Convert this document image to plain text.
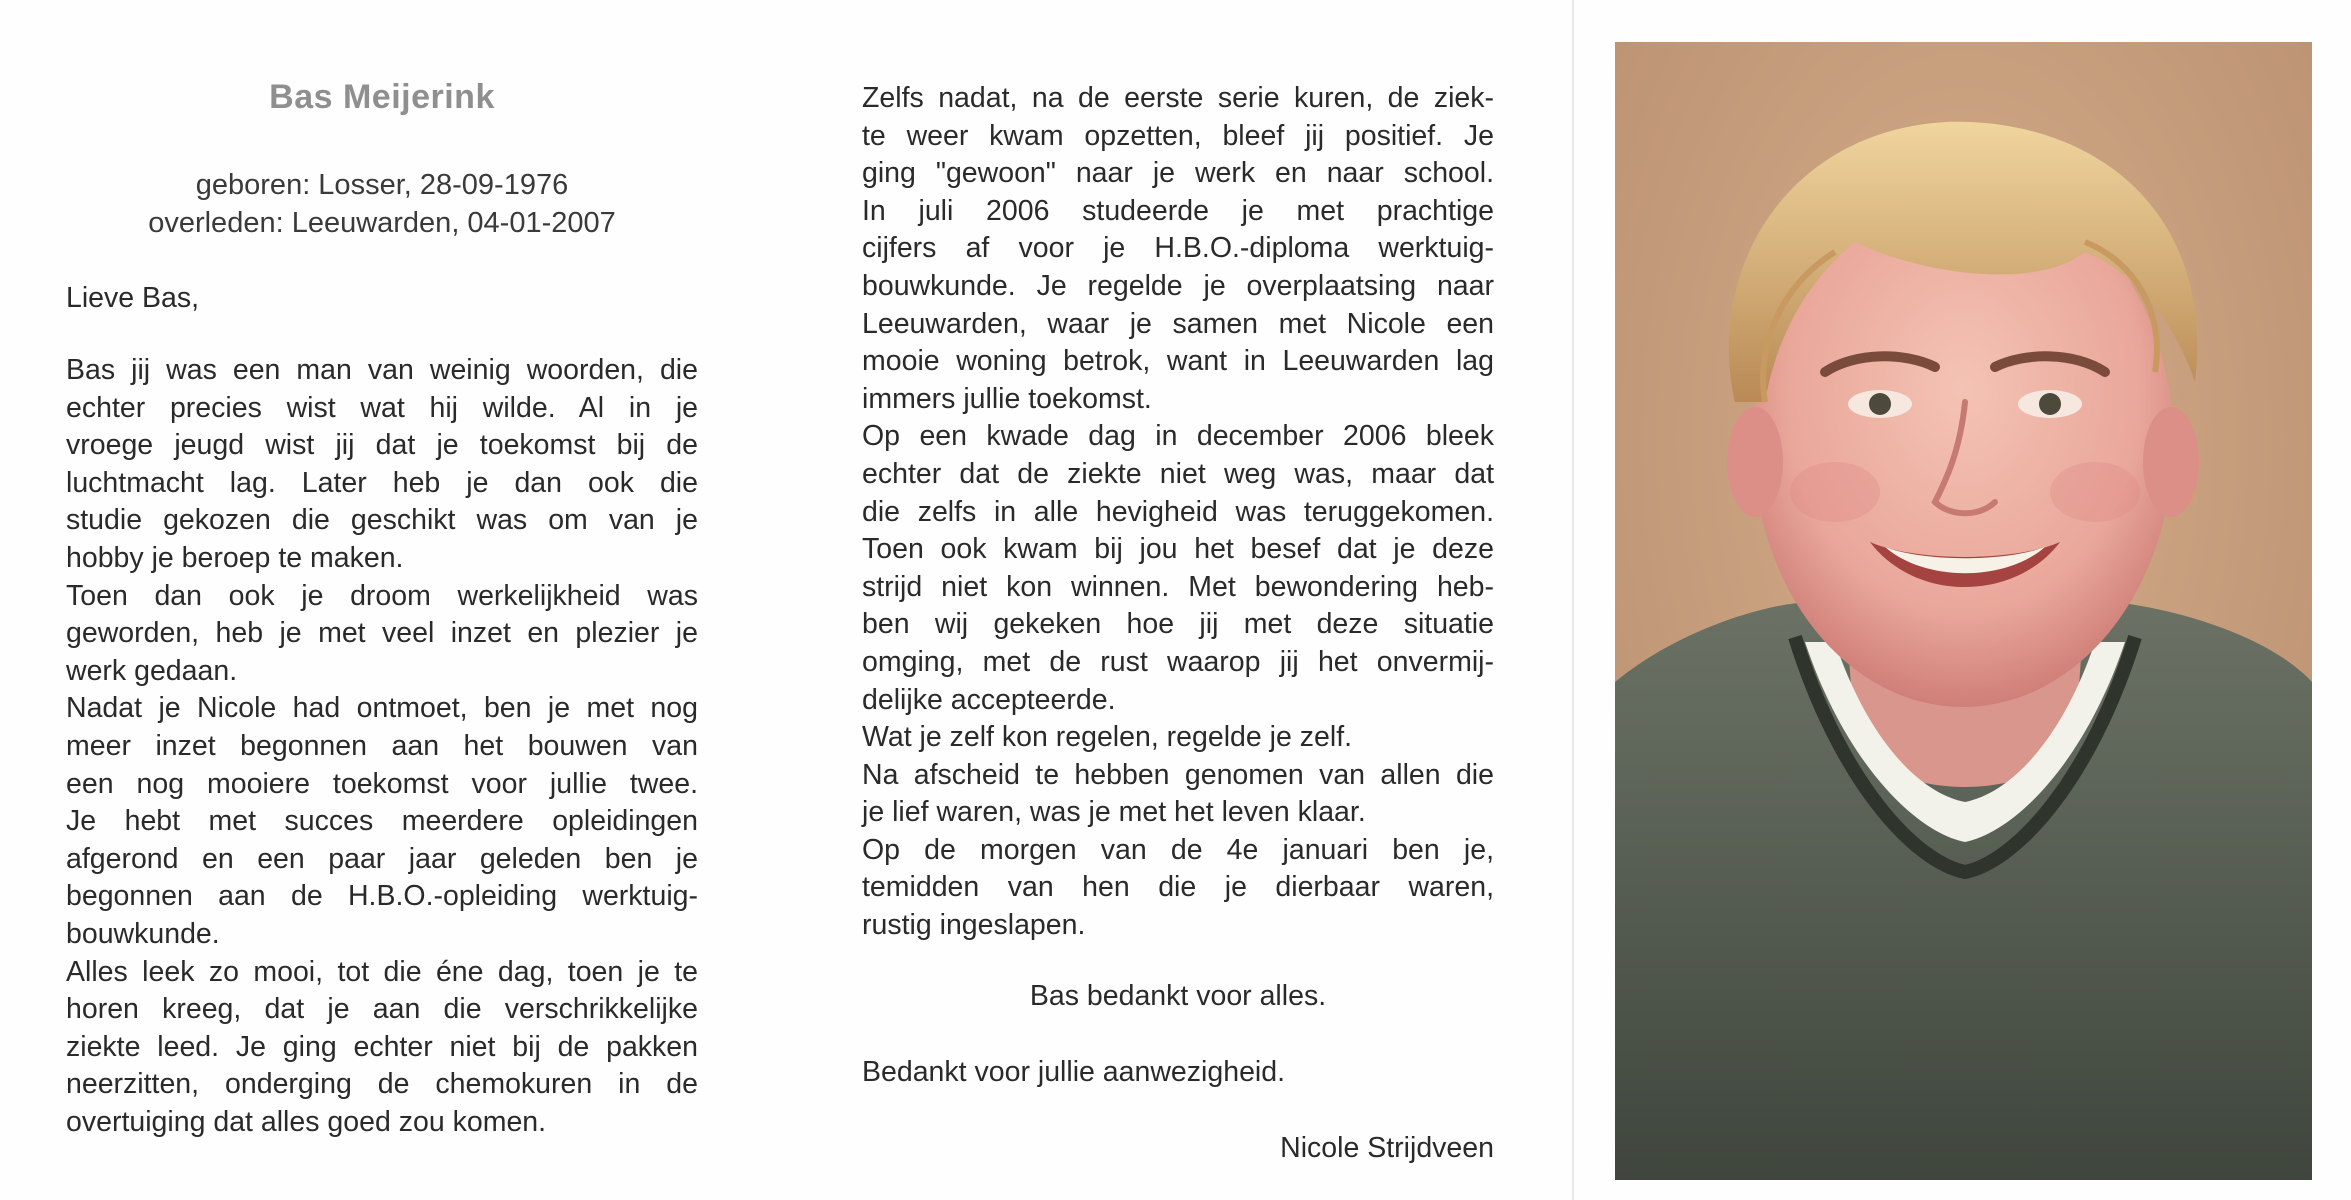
Bas Meijerink
geboren: Losser, 28-09-1976
overleden: Leeuwarden, 04-01-2007
Lieve Bas,
Bas jij was een man van weinig woorden, die
echter precies wist wat hij wilde. Al in je
vroege jeugd wist jij dat je toekomst bij de
luchtmacht lag. Later heb je dan ook die
studie gekozen die geschikt was om van je
hobby je beroep te maken.
Toen dan ook je droom werkelijkheid was
geworden, heb je met veel inzet en plezier je
werk gedaan.
Nadat je Nicole had ontmoet, ben je met nog
meer inzet begonnen aan het bouwen van
een nog mooiere toekomst voor jullie twee.
Je hebt met succes meerdere opleidingen
afgerond en een paar jaar geleden ben je
begonnen aan de H.B.O.-opleiding werktuig-
bouwkunde.
Alles leek zo mooi, tot die éne dag, toen je te
horen kreeg, dat je aan die verschrikkelijke
ziekte leed. Je ging echter niet bij de pakken
neerzitten, onderging de chemokuren in de
overtuiging dat alles goed zou komen.
Zelfs nadat, na de eerste serie kuren, de ziek-
te weer kwam opzetten, bleef jij positief. Je
ging "gewoon" naar je werk en naar school.
In juli 2006 studeerde je met prachtige
cijfers af voor je H.B.O.-diploma werktuig-
bouwkunde. Je regelde je overplaatsing naar
Leeuwarden, waar je samen met Nicole een
mooie woning betrok, want in Leeuwarden lag
immers jullie toekomst.
Op een kwade dag in december 2006 bleek
echter dat de ziekte niet weg was, maar dat
die zelfs in alle hevigheid was teruggekomen.
Toen ook kwam bij jou het besef dat je deze
strijd niet kon winnen. Met bewondering heb-
ben wij gekeken hoe jij met deze situatie
omging, met de rust waarop jij het onvermij-
delijke accepteerde.
Wat je zelf kon regelen, regelde je zelf.
Na afscheid te hebben genomen van allen die
je lief waren, was je met het leven klaar.
Op de morgen van de 4e januari ben je,
temidden van hen die je dierbaar waren,
rustig ingeslapen.
Bas bedankt voor alles.
Bedankt voor jullie aanwezigheid.
Nicole Strijdveen
